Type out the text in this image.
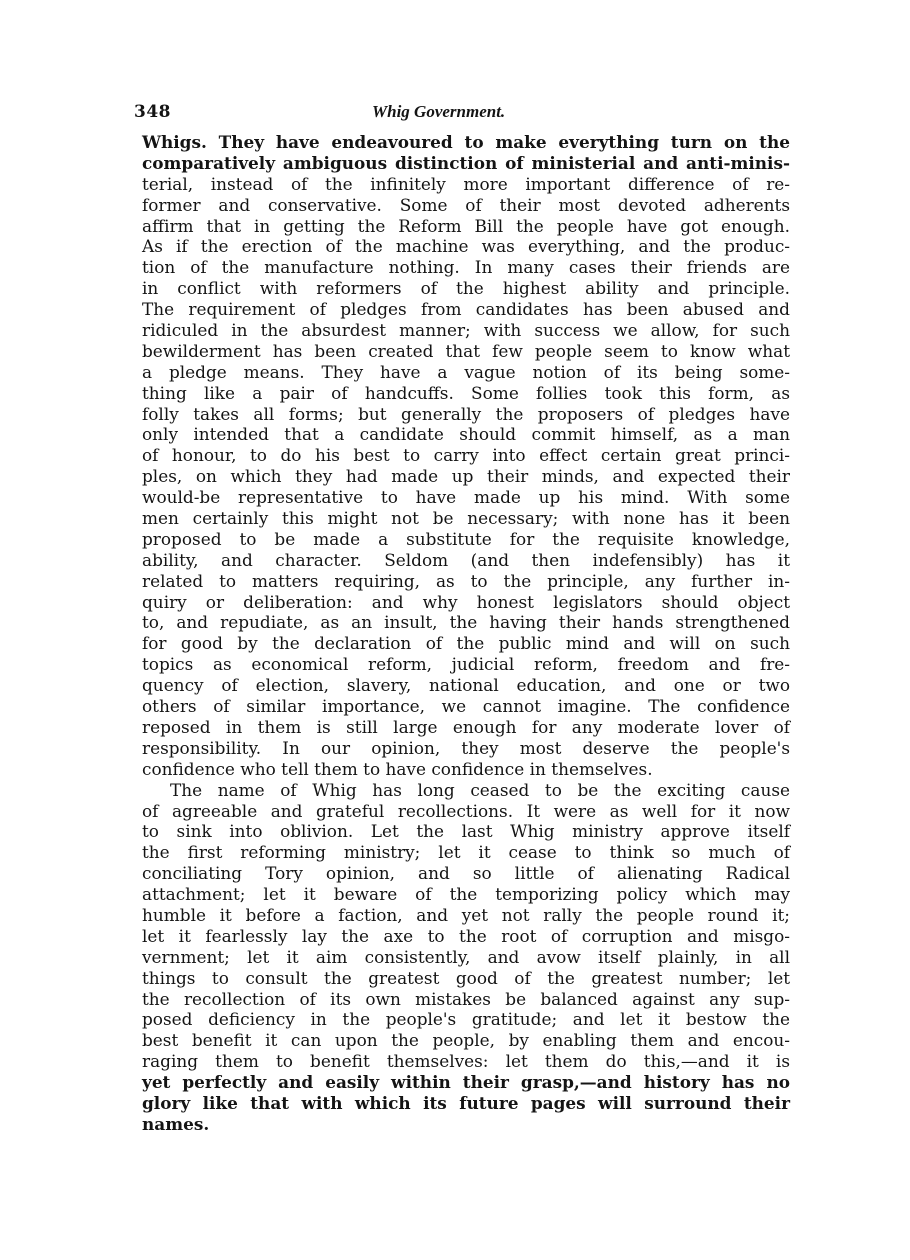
348	Whig Government.
Whigs. They have endeavoured to make everything turn on the
comparatively ambiguous distinction of ministerial and anti-minis-
terial, instead of the infinitely more important difference of re-
former and conservative. Some of their most devoted adherents
affirm that in getting the Reform Bill the people have got enough.
As if the erection of the machine was everything, and the produc-
tion of the manufacture nothing. In many cases their friends are
in conflict with reformers of the highest ability and principle.
The requirement of pledges from candidates has been abused and
ridiculed in the absurdest manner; with success we allow, for such
bewilderment has been created that few people seem to know what
a pledge means. They have a vague notion of its being some-
thing like a pair of handcuffs. Some follies took this form, as
folly takes all forms; but generally the proposers of pledges have
only intended that a candidate should commit himself, as a man
of honour, to do his best to carry into effect certain great princi-
ples, on which they had made up their minds, and expected their
would-be representative to have made up his mind. With some
men certainly this might not be necessary; with none has it been
proposed to be made a substitute for the requisite knowledge,
ability, and character. Seldom (and then indefensibly) has it
related to matters requiring, as to the principle, any further in-
quiry or deliberation: and why honest legislators should object
to, and repudiate, as an insult, the having their hands strengthened
for good by the declaration of the public mind and will on such
topics as economical reform, judicial reform, freedom and fre-
quency of election, slavery, national education, and one or two
others of similar importance, we cannot imagine. The confidence
reposed in them is still large enough for any moderate lover of
responsibility. In our opinion, they most deserve the people's
confidence who tell them to have confidence in themselves.
The name of Whig has long ceased to be the exciting cause
of agreeable and grateful recollections. It were as well for it now
to sink into oblivion. Let the last Whig ministry approve itself
the first reforming ministry; let it cease to think so much of
conciliating Tory opinion, and so little of alienating Radical
attachment; let it beware of the temporizing policy which may
humble it before a faction, and yet not rally the people round it;
let it fearlessly lay the axe to the root of corruption and misgo-
vernment; let it aim consistently, and avow itself plainly, in all
things to consult the greatest good of the greatest number; let
the recollection of its own mistakes be balanced against any sup-
posed deficiency in the people's gratitude; and let it bestow the
best benefit it can upon the people, by enabling them and encou-
raging them to benefit themselves: let them do this,—and it is
yet perfectly and easily within their grasp,—and history has no
glory like that with which its future pages will surround their
names.
